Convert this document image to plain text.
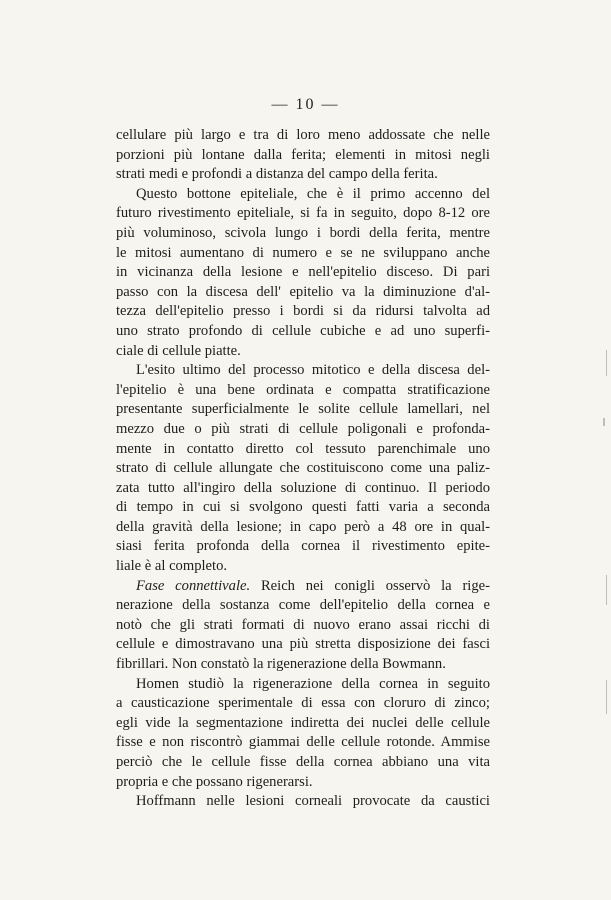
— 10 —

cellulare più largo e tra di loro meno addossate che nelle
porzioni più lontane dalla ferita; elementi in mitosi negli
strati medi e profondi a distanza del campo della ferita.

Questo bottone epiteliale, che è il primo accenno del
futuro rivestimento epiteliale, si fa in seguito, dopo 8-12 ore
più voluminoso, scivola lungo i bordi della ferita, mentre
le mitosi aumentano di numero e se ne sviluppano anche
in vicinanza della lesione e nell'epitelio disceso. Di pari
passo con la discesa dell' epitelio va la diminuzione d'al-
tezza dell'epitelio presso i bordi si da ridursi talvolta ad
uno strato profondo di cellule cubiche e ad uno superfi-
ciale di cellule piatte.

L'esito ultimo del processo mitotico e della discesa del-
l'epitelio è una bene ordinata e compatta stratificazione
presentante superficialmente le solite cellule lamellari, nel
mezzo due o più strati di cellule poligonali e profonda-
mente in contatto diretto col tessuto parenchimale uno
strato di cellule allungate che costituiscono come una paliz-
zata tutto all'ingiro della soluzione di continuo. Il periodo
di tempo in cui si svolgono questi fatti varia a seconda
della gravità della lesione; in capo però a 48 ore in qual-
siasi ferita profonda della cornea il rivestimento epite-
liale è al completo.

Fase connettivale. Reich nei conigli osservò la rige-
nerazione della sostanza come dell'epitelio della cornea e
notò che gli strati formati di nuovo erano assai ricchi di
cellule e dimostravano una più stretta disposizione dei fasci
fibrillari. Non constatò la rigenerazione della Bowmann.

Homen studiò la rigenerazione della cornea in seguito
a causticazione sperimentale di essa con cloruro di zinco;
egli vide la segmentazione indiretta dei nuclei delle cellule
fisse e non riscontrò giammai delle cellule rotonde. Ammise
perciò che le cellule fisse della cornea abbiano una vita
propria e che possano rigenerarsi.

Hoffmann nelle lesioni corneali provocate da caustici
